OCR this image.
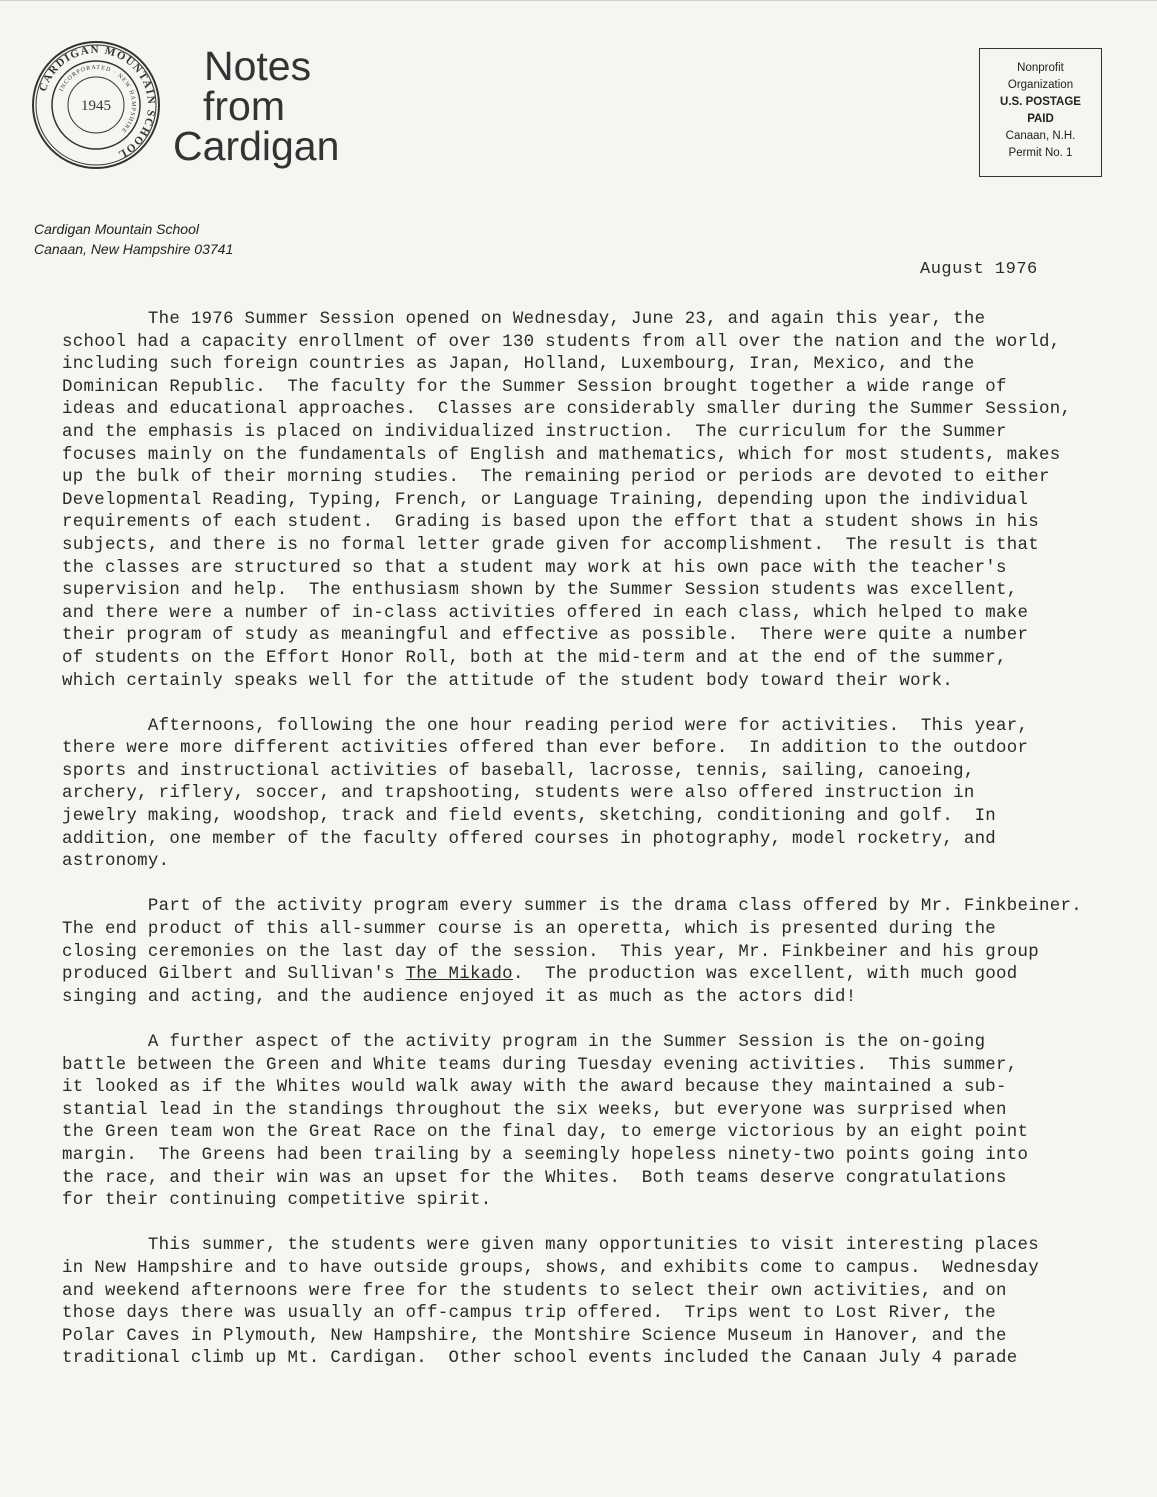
CARDIGAN MOUNTAIN SCHOOL
INCORPORATED · NEW HAMPSHIRE
1945
Notes
from
Cardigan
Nonprofit
Organization
U.S. POSTAGE
PAID
Canaan, N.H.
Permit No. 1
Cardigan Mountain School
Canaan, New Hampshire 03741
August 1976
The 1976 Summer Session opened on Wednesday, June 23, and again this year, the
school had a capacity enrollment of over 130 students from all over the nation and the world,
including such foreign countries as Japan, Holland, Luxembourg, Iran, Mexico, and the
Dominican Republic.  The faculty for the Summer Session brought together a wide range of
ideas and educational approaches.  Classes are considerably smaller during the Summer Session,
and the emphasis is placed on individualized instruction.  The curriculum for the Summer
focuses mainly on the fundamentals of English and mathematics, which for most students, makes
up the bulk of their morning studies.  The remaining period or periods are devoted to either
Developmental Reading, Typing, French, or Language Training, depending upon the individual
requirements of each student.  Grading is based upon the effort that a student shows in his
subjects, and there is no formal letter grade given for accomplishment.  The result is that
the classes are structured so that a student may work at his own pace with the teacher's
supervision and help.  The enthusiasm shown by the Summer Session students was excellent,
and there were a number of in-class activities offered in each class, which helped to make
their program of study as meaningful and effective as possible.  There were quite a number
of students on the Effort Honor Roll, both at the mid-term and at the end of the summer,
which certainly speaks well for the attitude of the student body toward their work.
Afternoons, following the one hour reading period were for activities.  This year,
there were more different activities offered than ever before.  In addition to the outdoor
sports and instructional activities of baseball, lacrosse, tennis, sailing, canoeing,
archery, riflery, soccer, and trapshooting, students were also offered instruction in
jewelry making, woodshop, track and field events, sketching, conditioning and golf.  In
addition, one member of the faculty offered courses in photography, model rocketry, and
astronomy.
Part of the activity program every summer is the drama class offered by Mr. Finkbeiner.
The end product of this all-summer course is an operetta, which is presented during the
closing ceremonies on the last day of the session.  This year, Mr. Finkbeiner and his group
produced Gilbert and Sullivan's The Mikado.  The production was excellent, with much good
singing and acting, and the audience enjoyed it as much as the actors did!
A further aspect of the activity program in the Summer Session is the on-going
battle between the Green and White teams during Tuesday evening activities.  This summer,
it looked as if the Whites would walk away with the award because they maintained a sub-
stantial lead in the standings throughout the six weeks, but everyone was surprised when
the Green team won the Great Race on the final day, to emerge victorious by an eight point
margin.  The Greens had been trailing by a seemingly hopeless ninety-two points going into
the race, and their win was an upset for the Whites.  Both teams deserve congratulations
for their continuing competitive spirit.
This summer, the students were given many opportunities to visit interesting places
in New Hampshire and to have outside groups, shows, and exhibits come to campus.  Wednesday
and weekend afternoons were free for the students to select their own activities, and on
those days there was usually an off-campus trip offered.  Trips went to Lost River, the
Polar Caves in Plymouth, New Hampshire, the Montshire Science Museum in Hanover, and the
traditional climb up Mt. Cardigan.  Other school events included the Canaan July 4 parade
